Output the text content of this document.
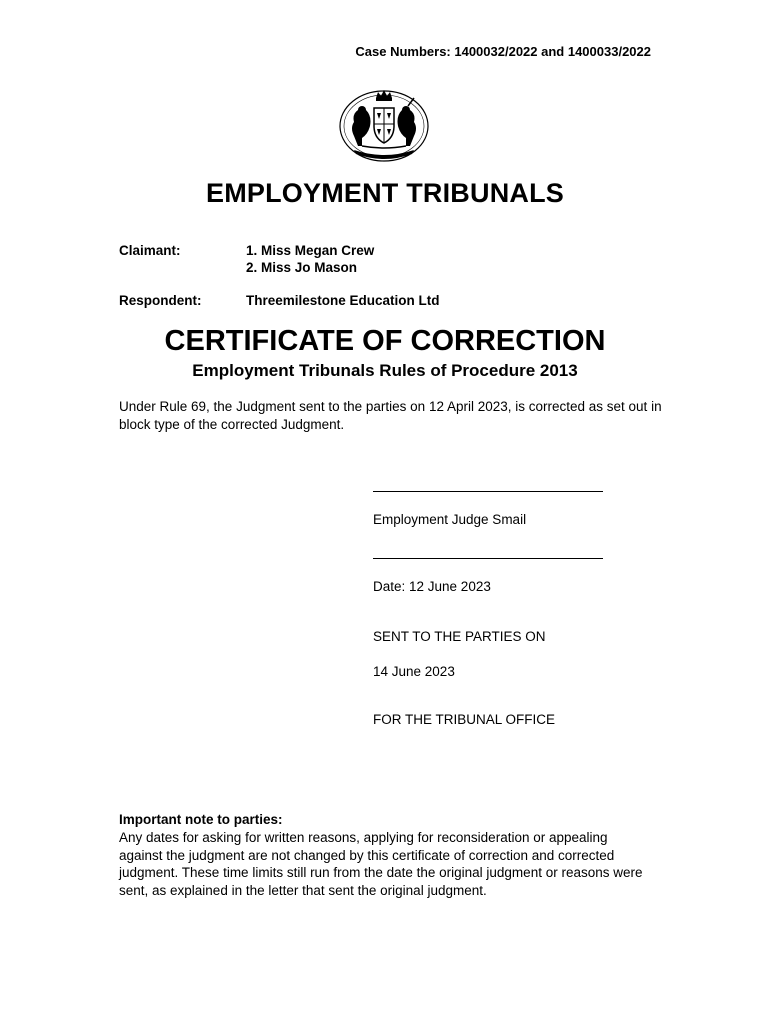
Case Numbers: 1400032/2022 and 1400033/2022
EMPLOYMENT TRIBUNALS
Claimant:	1. Miss Megan Crew
2. Miss Jo Mason
Respondent:	Threemilestone Education Ltd
CERTIFICATE OF CORRECTION
Employment Tribunals Rules of Procedure 2013
Under Rule 69, the Judgment sent to the parties on 12 April 2023, is corrected as set out in block type of the corrected Judgment.
Employment Judge Smail
Date: 12 June 2023
SENT TO THE PARTIES ON
14 June 2023
FOR THE TRIBUNAL OFFICE
Important note to parties:
Any dates for asking for written reasons, applying for reconsideration or appealing against the judgment are not changed by this certificate of correction and corrected judgment. These time limits still run from the date the original judgment or reasons were sent, as explained in the letter that sent the original judgment.
